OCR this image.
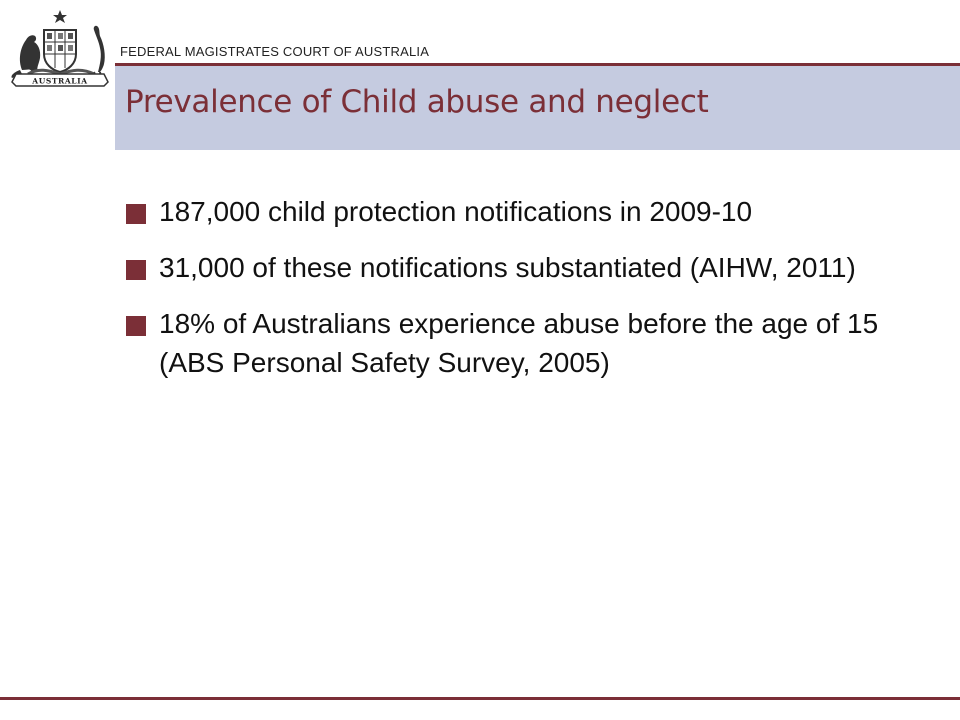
AUSTRALIA
FEDERAL MAGISTRATES COURT OF AUSTRALIA
Prevalence of Child abuse and neglect
187,000 child protection notifications in 2009-10
31,000 of these notifications substantiated (AIHW, 2011)
18% of Australians experience abuse before the age of 15 (ABS Personal Safety Survey, 2005)
